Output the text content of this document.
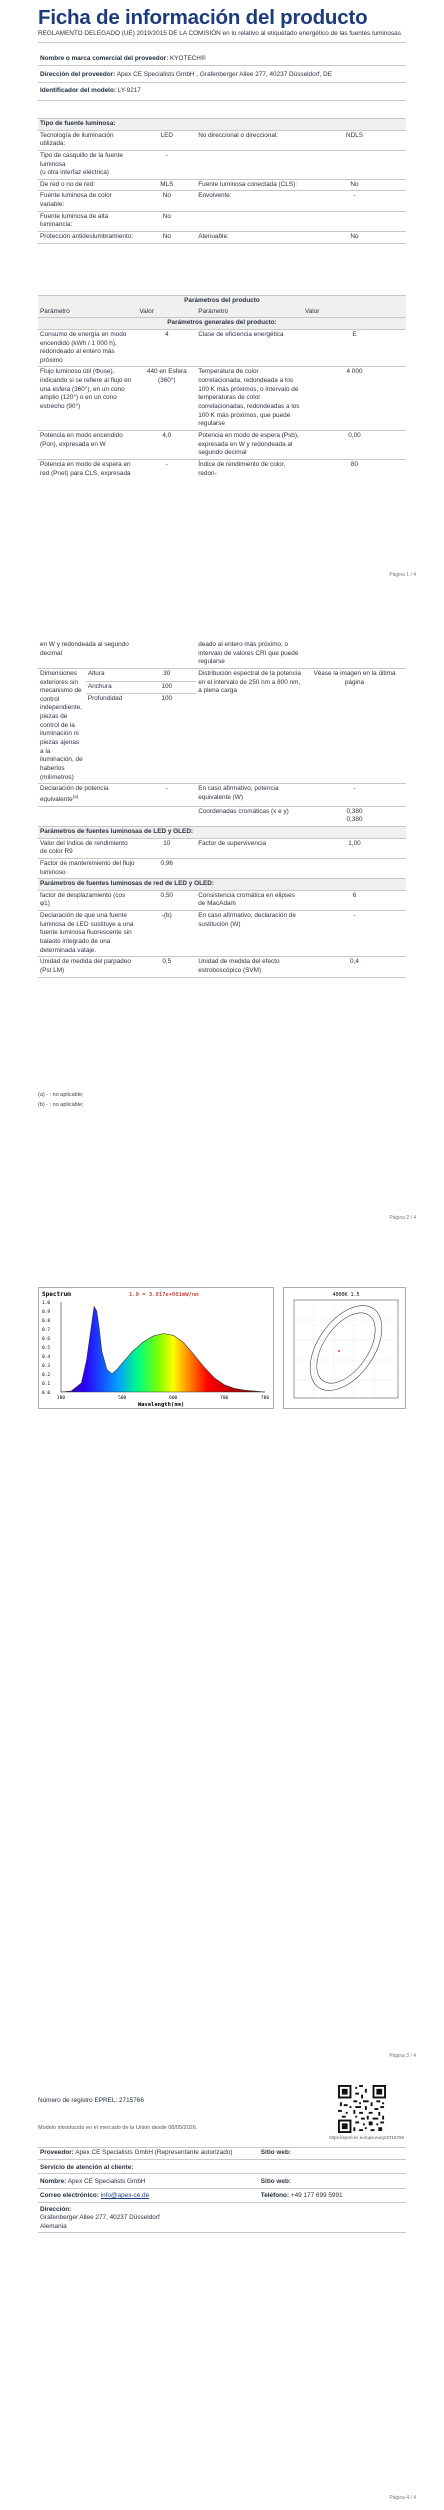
Ficha de información del producto
REGLAMENTO DELEGADO (UE) 2019/2015 DE LA COMISIÓN en lo relativo al etiquetado energético de las fuentes luminosas
Nombre o marca comercial del proveedor: KYOTECH®
Dirección del proveedor: Apex CE Specialists GmbH , Grafenberger Allee 277, 40237 Düsseldorf, DE
Identificador del modelo: LY-9217
Tipo de fuente luminosa:			
Tecnología de iluminación utilizada:	LED	No direccional o direccional:	NDLS
Tipo de casquillo de la fuente luminosa
(u otra interfaz eléctrica)	-		
De red o no de red:	MLS	Fuente luminosa conectada (CLS):	No
Fuente luminosa de color variable:	No	Envolvente:	-
Fuente luminosa de alta luminancia:	No		
Protección antideslumbramiento:	No	Atenuable:	No
Parámetros del producto			
Parámetro	Valor	Parámetro	Valor
Parámetros generales del producto:			
Consumo de energía en modo encendido (kWh / 1 000 h), redondeado al entero más próximo	4	Clase de eficiencia energética	E
Flujo luminoso útil (Φuse), indicando si se refiere al flujo en una esfera (360°), en un cono amplio (120°) o en un cono estrecho (90°)	440 en Esfera (360°)	Temperatura de color correlacionada, redondeada a los 100 K más próximos, o intervalo de temperaturas de color correlacionadas, redondeadas a los 100 K más próximos, que puede regularse	4 000
Potencia en modo encendido (Pon), expresada en W	4,0	Potencia en modo de espera (Psb), expresada en W y redondeada al segundo decimal	0,00
Potencia en modo de espera en red (Pnet) para CLS, expresada	-	Índice de rendimiento de color, redon-	80
Página 1 / 4
en W y redondeada al segundo decimal			deado al entero más próximo, o intervalo de valores CRI que puede regularse	
Dimensiones exteriores sin mecanismo de control independiente, piezas de control de la iluminación ni piezas ajenas a la iluminación, de haberlos (milímetros)	Altura	30	Distribución espectral de la potencia en el intervalo de 250 nm a 800 nm, a plena carga	Véase la imagen en la última página
	Anchura	100		
	Profundidad	100		
Declaración de potencia equivalente$^{(a)}$		-	En caso afirmativo, potencia equivalente (W)	-
			Coordenadas cromáticas (x e y)	0,380
0,380

Parámetros de fuentes luminosas de LED y OLED:				
Valor del índice de rendimiento de color R9		10	Factor de supervivencia	1,00
Factor de mantenimiento del flujo luminoso		0,96		
Parámetros de fuentes luminosas de red de LED y OLED:				
factor de desplazamiento (cos φ1)		0,50	Consistencia cromática en elipses de MacAdam	6
Declaración de que una fuente luminosa de LED sustituye a una fuente luminosa fluorescente sin balasto integrado de una determinada vataje.		-(b)	En caso afirmativo, declaración de sustitución (W)	-
Unidad de medida del parpadeo (Pst LM)		0,5	Unidad de medida del efecto estroboscópico (SVM)	0,4
(a) - : no aplicable;
(b) - : no aplicable;
Página 2 / 4
Spectrum	1.0 = 3.017e+001mW/nm
1.0
0.9
0.8
0.7
0.6
0.5
0.4
0.3
0.2
0.1
0.0
380	500	600	700	780
Wavelength(nm)
4000K 1.5
Página 3 / 4
Número de registro EPREL: 2715766
Modelo introducido en el mercado de la Unión desde 08/05/2026.
https://eprel.ec.europa.eu/qr/2715766
Proveedor: Apex CE Specialists GmbH (Representante autorizado)	Sitio web:
Servicio de atención al cliente:	
Nombre: Apex CE Specialists GmbH	Sitio web:
Correo electrónico: info@apex-ce.de	Teléfono: +49 177 699 5991

Dirección:
Grafenberger Allee 277, 40237 Düsseldorf
Alemania	
Página 4 / 4
